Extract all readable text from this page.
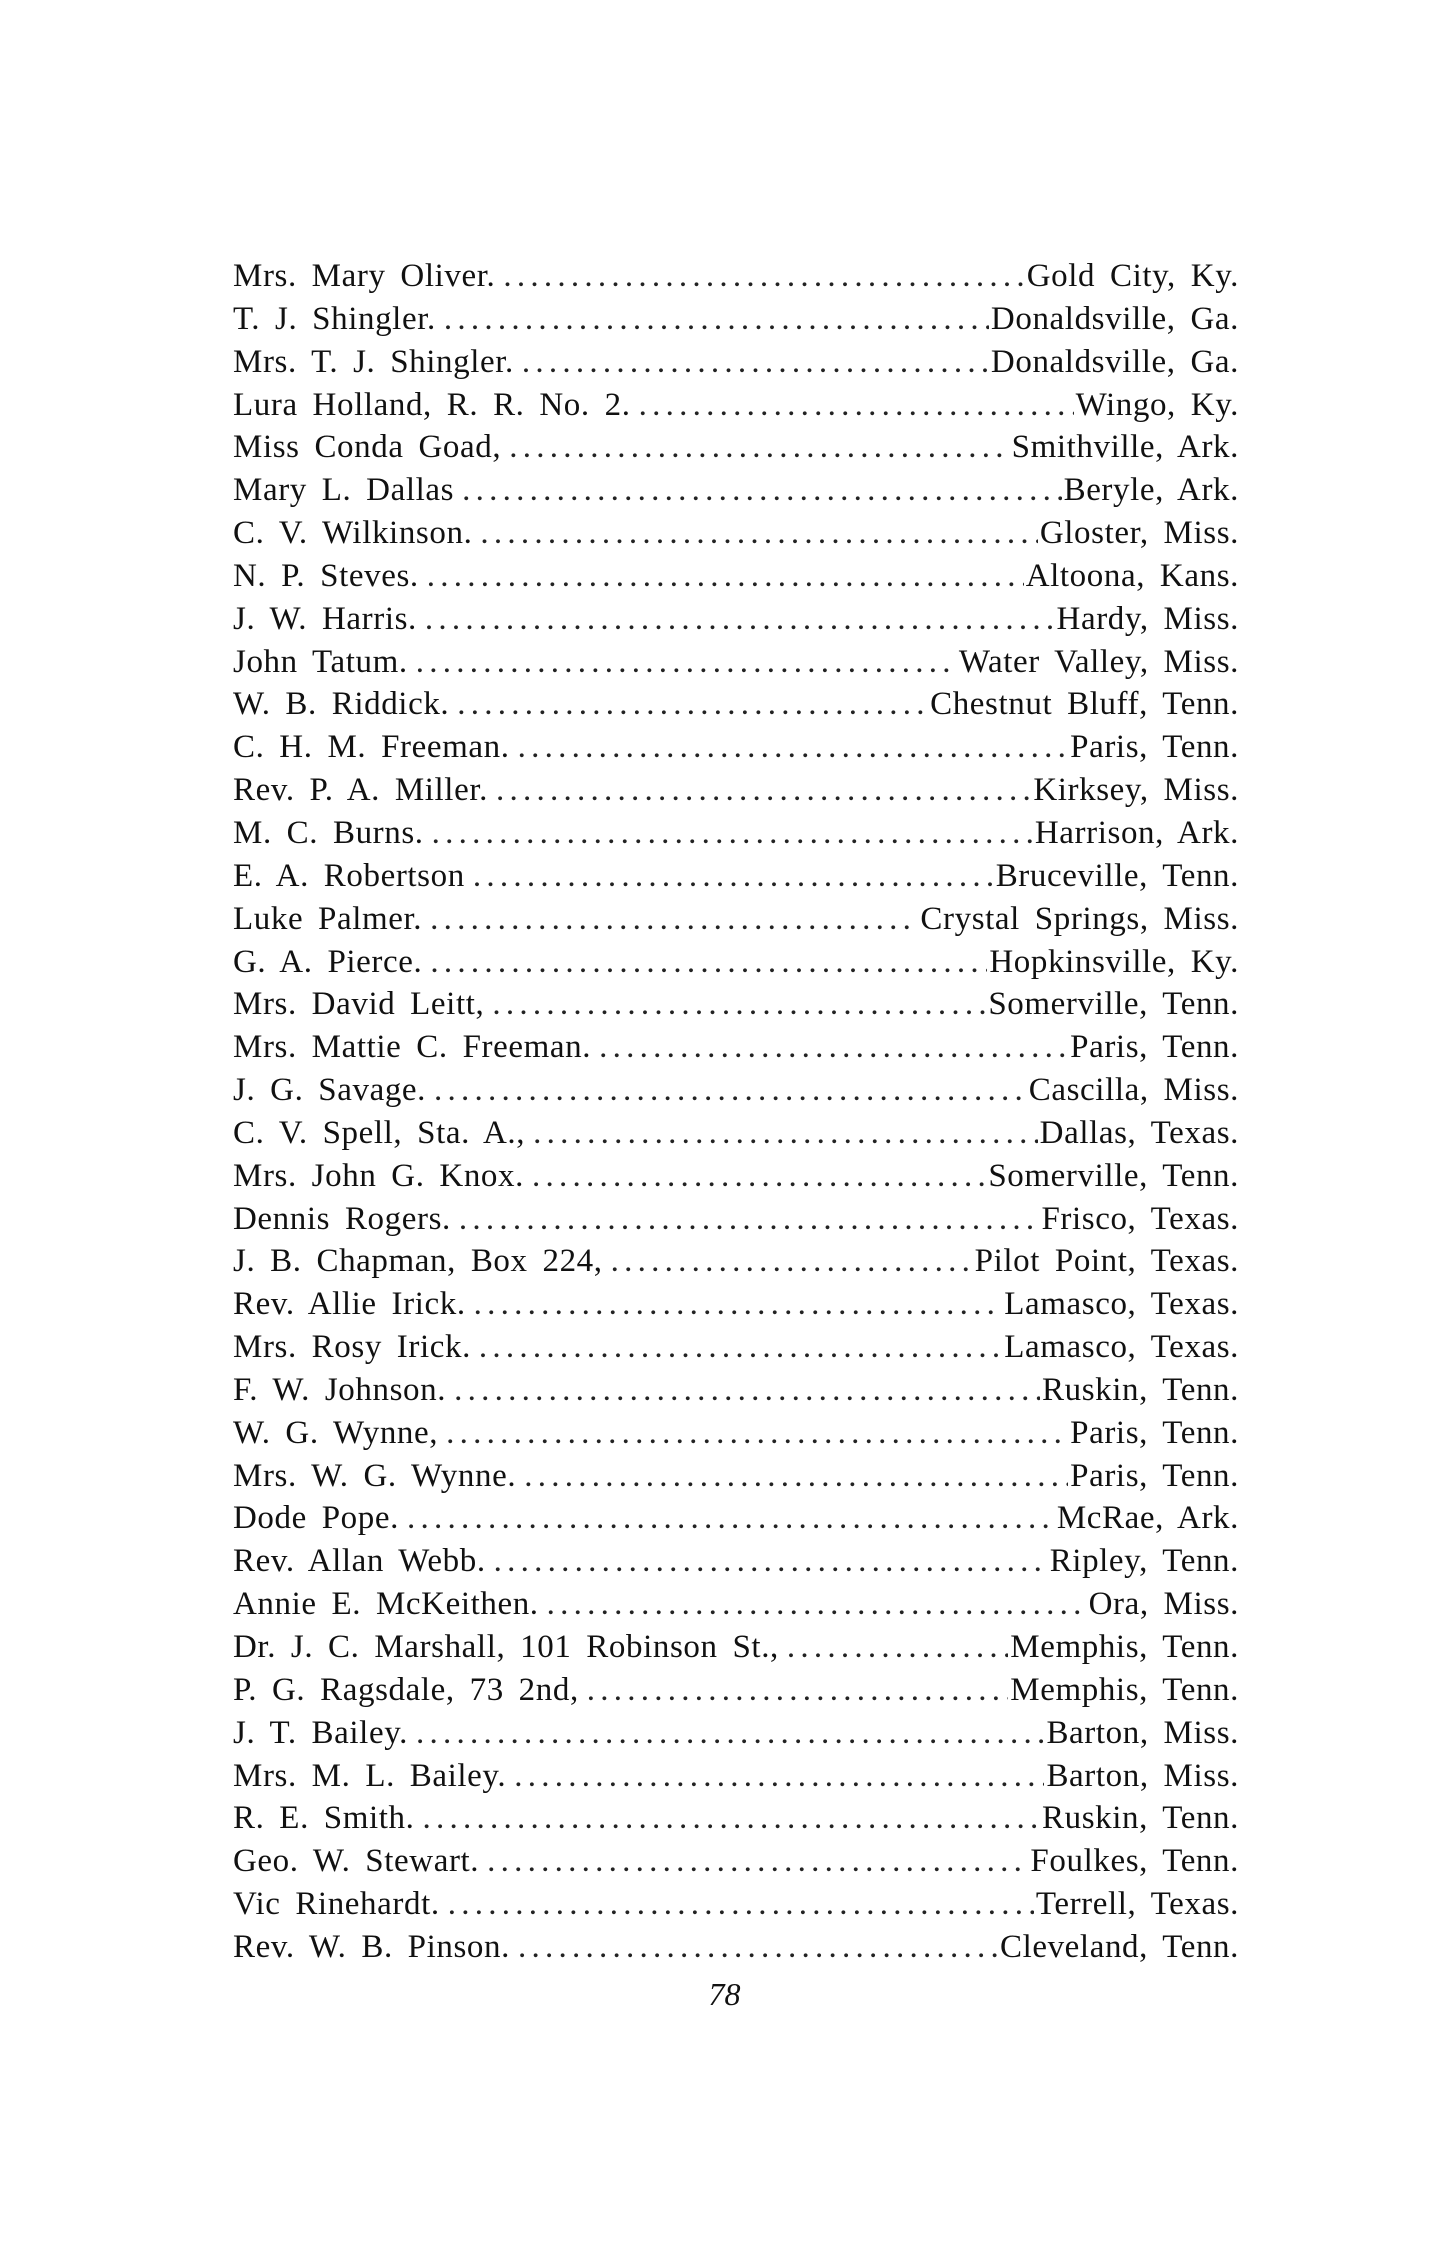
Mrs. Mary Oliver. . . .	Gold City, Ky.
T. J. Shingler. . . .	Donaldsville, Ga.
Mrs. T. J. Shingler. . . .	Donaldsville, Ga.
Lura Holland, R. R. No. 2. . . .	Wingo, Ky.
Miss Conda Goad, . . .	Smithville, Ark.
Mary L. Dallas . . .	Beryle, Ark.
C. V. Wilkinson. . . .	Gloster, Miss.
N. P. Steves. . . .	Altoona, Kans.
J. W. Harris. . . .	Hardy, Miss.
John Tatum. . . .	Water Valley, Miss.
W. B. Riddick. . . .	Chestnut Bluff, Tenn.
C. H. M. Freeman. . . .	Paris, Tenn.
Rev. P. A. Miller. . . .	Kirksey, Miss.
M. C. Burns. . . .	Harrison, Ark.
E. A. Robertson . . .	Bruceville, Tenn.
Luke Palmer. . . .	Crystal Springs, Miss.
G. A. Pierce. . . .	Hopkinsville, Ky.
Mrs. David Leitt, . . .	Somerville, Tenn.
Mrs. Mattie C. Freeman. . . .	Paris, Tenn.
J. G. Savage. . . .	Cascilla, Miss.
C. V. Spell, Sta. A., . . .	Dallas, Texas.
Mrs. John G. Knox. . . .	Somerville, Tenn.
Dennis Rogers. . . .	Frisco, Texas.
J. B. Chapman, Box 224, . . .	Pilot Point, Texas.
Rev. Allie Irick. . . .	Lamasco, Texas.
Mrs. Rosy Irick. . . .	Lamasco, Texas.
F. W. Johnson. . . .	Ruskin, Tenn.
W. G. Wynne, . . .	Paris, Tenn.
Mrs. W. G. Wynne. . . .	Paris, Tenn.
Dode Pope. . . .	McRae, Ark.
Rev. Allan Webb. . . .	Ripley, Tenn.
Annie E. McKeithen. . . .	Ora, Miss.
Dr. J. C. Marshall, 101 Robinson St., . . .	Memphis, Tenn.
P. G. Ragsdale, 73 2nd, . . .	Memphis, Tenn.
J. T. Bailey. . . .	Barton, Miss.
Mrs. M. L. Bailey. . . .	Barton, Miss.
R. E. Smith. . . .	Ruskin, Tenn.
Geo. W. Stewart. . . .	Foulkes, Tenn.
Vic Rinehardt. . . .	Terrell, Texas.
Rev. W. B. Pinson. . . .	Cleveland, Tenn.
78
